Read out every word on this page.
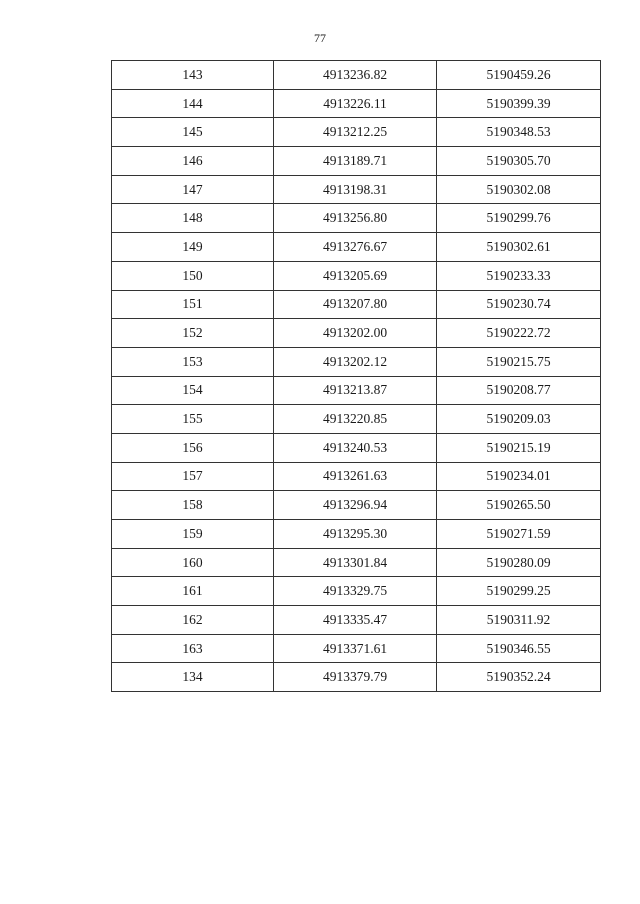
77
143	4913236.82	5190459.26
144	4913226.11	5190399.39
145	4913212.25	5190348.53
146	4913189.71	5190305.70
147	4913198.31	5190302.08
148	4913256.80	5190299.76
149	4913276.67	5190302.61
150	4913205.69	5190233.33
151	4913207.80	5190230.74
152	4913202.00	5190222.72
153	4913202.12	5190215.75
154	4913213.87	5190208.77
155	4913220.85	5190209.03
156	4913240.53	5190215.19
157	4913261.63	5190234.01
158	4913296.94	5190265.50
159	4913295.30	5190271.59
160	4913301.84	5190280.09
161	4913329.75	5190299.25
162	4913335.47	5190311.92
163	4913371.61	5190346.55
134	4913379.79	5190352.24
